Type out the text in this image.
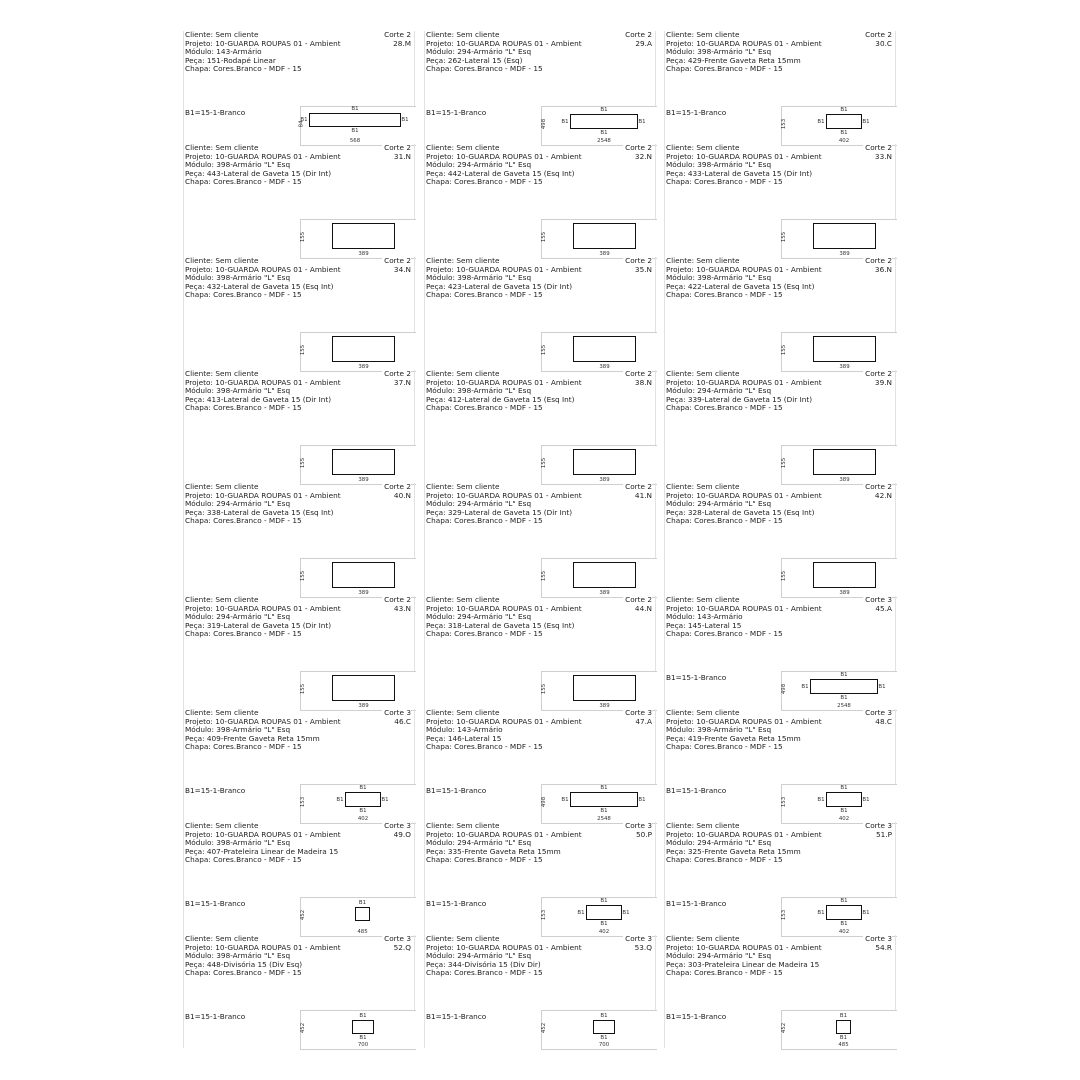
Cliente: Sem cliente
Projeto: 10-GUARDA ROUPAS 01 - Ambient
Módulo: 143-Armário
Peça: 151-Rodapé Linear
Chapa: Cores.Branco - MDF - 15
Corte 2
28.M
B1=15-1-Branco
568
84
B1
B1
B1	B1
Cliente: Sem cliente
Projeto: 10-GUARDA ROUPAS 01 - Ambient
Módulo: 294-Armário "L" Esq
Peça: 262-Lateral 15 (Esq)
Chapa: Cores.Branco - MDF - 15
Corte 2
29.A
B1=15-1-Branco
2548
498
B1
B1
B1	B1
Cliente: Sem cliente
Projeto: 10-GUARDA ROUPAS 01 - Ambient
Módulo: 398-Armário "L" Esq
Peça: 429-Frente Gaveta Reta 15mm
Chapa: Cores.Branco - MDF - 15
Corte 2
30.C
B1=15-1-Branco
402
153
B1
B1
B1	B1
Cliente: Sem cliente
Projeto: 10-GUARDA ROUPAS 01 - Ambient
Módulo: 398-Armário "L" Esq
Peça: 443-Lateral de Gaveta 15 (Dir Int)
Chapa: Cores.Branco - MDF - 15
Corte 2
31.N
389
155
Cliente: Sem cliente
Projeto: 10-GUARDA ROUPAS 01 - Ambient
Módulo: 294-Armário "L" Esq
Peça: 442-Lateral de Gaveta 15 (Esq Int)
Chapa: Cores.Branco - MDF - 15
Corte 2
32.N
389
155
Cliente: Sem cliente
Projeto: 10-GUARDA ROUPAS 01 - Ambient
Módulo: 398-Armário "L" Esq
Peça: 433-Lateral de Gaveta 15 (Dir Int)
Chapa: Cores.Branco - MDF - 15
Corte 2
33.N
389
155
Cliente: Sem cliente
Projeto: 10-GUARDA ROUPAS 01 - Ambient
Módulo: 398-Armário "L" Esq
Peça: 432-Lateral de Gaveta 15 (Esq Int)
Chapa: Cores.Branco - MDF - 15
Corte 2
34.N
389
155
Cliente: Sem cliente
Projeto: 10-GUARDA ROUPAS 01 - Ambient
Módulo: 398-Armário "L" Esq
Peça: 423-Lateral de Gaveta 15 (Dir Int)
Chapa: Cores.Branco - MDF - 15
Corte 2
35.N
389
155
Cliente: Sem cliente
Projeto: 10-GUARDA ROUPAS 01 - Ambient
Módulo: 398-Armário "L" Esq
Peça: 422-Lateral de Gaveta 15 (Esq Int)
Chapa: Cores.Branco - MDF - 15
Corte 2
36.N
389
155
Cliente: Sem cliente
Projeto: 10-GUARDA ROUPAS 01 - Ambient
Módulo: 398-Armário "L" Esq
Peça: 413-Lateral de Gaveta 15 (Dir Int)
Chapa: Cores.Branco - MDF - 15
Corte 2
37.N
389
155
Cliente: Sem cliente
Projeto: 10-GUARDA ROUPAS 01 - Ambient
Módulo: 398-Armário "L" Esq
Peça: 412-Lateral de Gaveta 15 (Esq Int)
Chapa: Cores.Branco - MDF - 15
Corte 2
38.N
389
155
Cliente: Sem cliente
Projeto: 10-GUARDA ROUPAS 01 - Ambient
Módulo: 294-Armário "L" Esq
Peça: 339-Lateral de Gaveta 15 (Dir Int)
Chapa: Cores.Branco - MDF - 15
Corte 2
39.N
389
155
Cliente: Sem cliente
Projeto: 10-GUARDA ROUPAS 01 - Ambient
Módulo: 294-Armário "L" Esq
Peça: 338-Lateral de Gaveta 15 (Esq Int)
Chapa: Cores.Branco - MDF - 15
Corte 2
40.N
389
155
Cliente: Sem cliente
Projeto: 10-GUARDA ROUPAS 01 - Ambient
Módulo: 294-Armário "L" Esq
Peça: 329-Lateral de Gaveta 15 (Dir Int)
Chapa: Cores.Branco - MDF - 15
Corte 2
41.N
389
155
Cliente: Sem cliente
Projeto: 10-GUARDA ROUPAS 01 - Ambient
Módulo: 294-Armário "L" Esq
Peça: 328-Lateral de Gaveta 15 (Esq Int)
Chapa: Cores.Branco - MDF - 15
Corte 2
42.N
389
155
Cliente: Sem cliente
Projeto: 10-GUARDA ROUPAS 01 - Ambient
Módulo: 294-Armário "L" Esq
Peça: 319-Lateral de Gaveta 15 (Dir Int)
Chapa: Cores.Branco - MDF - 15
Corte 2
43.N
389
155
Cliente: Sem cliente
Projeto: 10-GUARDA ROUPAS 01 - Ambient
Módulo: 294-Armário "L" Esq
Peça: 318-Lateral de Gaveta 15 (Esq Int)
Chapa: Cores.Branco - MDF - 15
Corte 2
44.N
389
155
Cliente: Sem cliente
Projeto: 10-GUARDA ROUPAS 01 - Ambient
Módulo: 143-Armário
Peça: 145-Lateral 15
Chapa: Cores.Branco - MDF - 15
Corte 3
45.A
B1=15-1-Branco
2548
498
B1
B1
B1	B1
Cliente: Sem cliente
Projeto: 10-GUARDA ROUPAS 01 - Ambient
Módulo: 398-Armário "L" Esq
Peça: 409-Frente Gaveta Reta 15mm
Chapa: Cores.Branco - MDF - 15
Corte 3
46.C
B1=15-1-Branco
402
153
B1
B1
B1	B1
Cliente: Sem cliente
Projeto: 10-GUARDA ROUPAS 01 - Ambient
Módulo: 143-Armário
Peça: 146-Lateral 15
Chapa: Cores.Branco - MDF - 15
Corte 3
47.A
B1=15-1-Branco
2548
498
B1
B1
B1	B1
Cliente: Sem cliente
Projeto: 10-GUARDA ROUPAS 01 - Ambient
Módulo: 398-Armário "L" Esq
Peça: 419-Frente Gaveta Reta 15mm
Chapa: Cores.Branco - MDF - 15
Corte 3
48.C
B1=15-1-Branco
402
153
B1
B1
B1	B1
Cliente: Sem cliente
Projeto: 10-GUARDA ROUPAS 01 - Ambient
Módulo: 398-Armário "L" Esq
Peça: 407-Prateleira Linear de Madeira 15
Chapa: Cores.Branco - MDF - 15
Corte 3
49.O
B1=15-1-Branco
485
452
B1
Cliente: Sem cliente
Projeto: 10-GUARDA ROUPAS 01 - Ambient
Módulo: 294-Armário "L" Esq
Peça: 335-Frente Gaveta Reta 15mm
Chapa: Cores.Branco - MDF - 15
Corte 3
50.P
B1=15-1-Branco
402
153
B1
B1
B1	B1
Cliente: Sem cliente
Projeto: 10-GUARDA ROUPAS 01 - Ambient
Módulo: 294-Armário "L" Esq
Peça: 325-Frente Gaveta Reta 15mm
Chapa: Cores.Branco - MDF - 15
Corte 3
51.P
B1=15-1-Branco
402
153
B1
B1
B1	B1
Cliente: Sem cliente
Projeto: 10-GUARDA ROUPAS 01 - Ambient
Módulo: 398-Armário "L" Esq
Peça: 448-Divisória 15 (Div Esq)
Chapa: Cores.Branco - MDF - 15
Corte 3
52.Q
B1=15-1-Branco
700
452
B1
B1
Cliente: Sem cliente
Projeto: 10-GUARDA ROUPAS 01 - Ambient
Módulo: 294-Armário "L" Esq
Peça: 344-Divisória 15 (Div Dir)
Chapa: Cores.Branco - MDF - 15
Corte 3
53.Q
B1=15-1-Branco
700
452
B1
B1
Cliente: Sem cliente
Projeto: 10-GUARDA ROUPAS 01 - Ambient
Módulo: 294-Armário "L" Esq
Peça: 303-Prateleira Linear de Madeira 15
Chapa: Cores.Branco - MDF - 15
Corte 3
54.R
B1=15-1-Branco
485
452
B1
B1
